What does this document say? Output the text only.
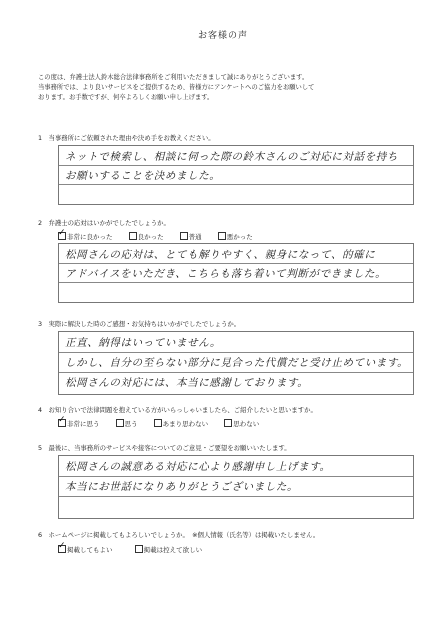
お客様の声
この度は、弁護士法人鈴木総合法律事務所をご利用いただきまして誠にありがとうございます。
当事務所では、より良いサービスをご提供するため、皆様方にアンケートへのご協力をお願いして
おります。お手数ですが、何卒よろしくお願い申し上げます。
1　当事務所にご依頼された理由や決め手をお教えください。
ネットで検索し、相談に伺った際の鈴木さんのご対応に対話を持ち
お願いすることを決めました。
2　弁護士の応対はいかがでしたでしょうか。
✓非常に良かった	良かった	普通	悪かった
松岡さんの応対は、とても解りやすく、親身になって、的確に
アドバイスをいただき、こちらも落ち着いて判断ができました。
3　実際に解決した時のご感想・お気持ちはいかがでしたでしょうか。
正直、納得はいっていません。
しかし、自分の至らない部分に見合った代償だと受け止めています。
松岡さんの対応には、本当に感謝しております。
4　お知り合いで法律問題を抱えている方がいらっしゃいましたら、ご紹介したいと思いますか。
✓非常に思う	思う	あまり思わない	思わない
5　最後に、当事務所のサービスや接客についてのご意見・ご要望をお願いいたします。
松岡さんの誠意ある対応に心より感謝申し上げます。
本当にお世話になりありがとうございました。
6　ホームページに掲載してもよろしいでしょうか。　※個人情報（氏名等）は掲載いたしません。
✓掲載してもよい	掲載は控えて欲しい
